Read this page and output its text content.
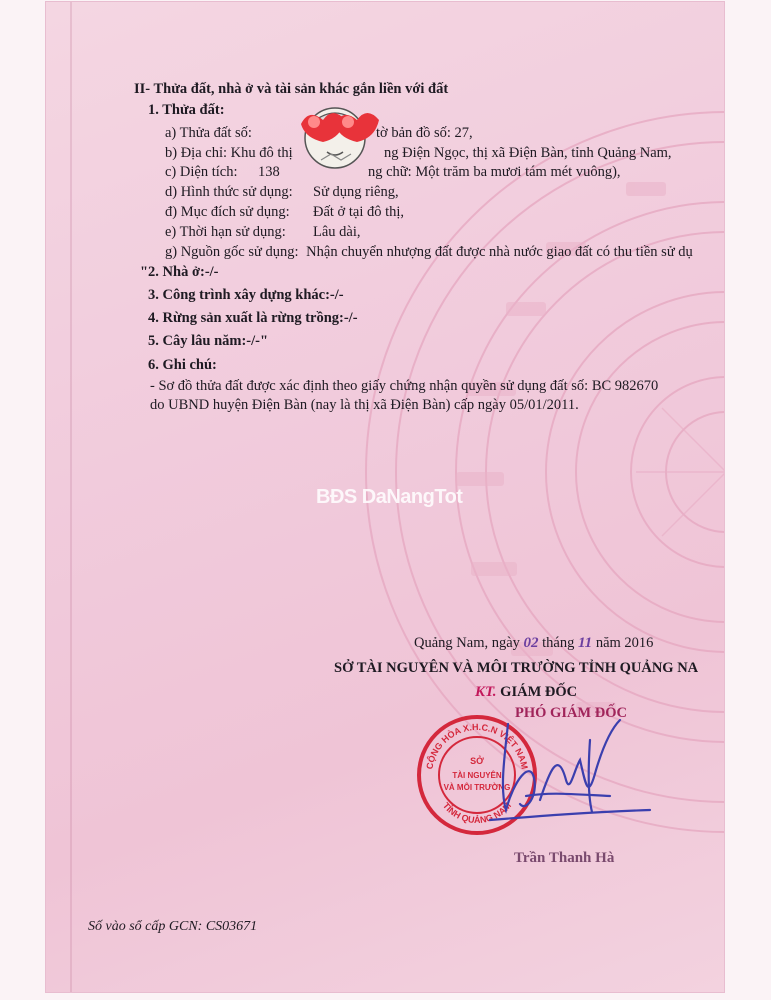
II- Thửa đất, nhà ở và tài sản khác gắn liền với đất
1. Thửa đất:
a) Thửa đất số:	tờ bản đồ số: 27,
b) Địa chỉ: Khu đô thị	ng Điện Ngọc, thị xã Điện Bàn, tỉnh Quảng Nam,
c) Diện tích: 138	ng chữ: Một trăm ba mươi tám mét vuông),
d) Hình thức sử dụng: Sử dụng riêng,
đ) Mục đích sử dụng: Đất ở tại đô thị,
e) Thời hạn sử dụng: Lâu dài,
g) Nguồn gốc sử dụng: Nhận chuyển nhượng đất được nhà nước giao đất có thu tiền sử dụ
"2. Nhà ở:-/-
3. Công trình xây dựng khác:-/-
4. Rừng sản xuất là rừng trồng:-/-
5. Cây lâu năm:-/-"
6. Ghi chú:
- Sơ đồ thửa đất được xác định theo giấy chứng nhận quyền sử dụng đất số: BC 982670
do UBND huyện Điện Bàn (nay là thị xã Điện Bàn) cấp ngày 05/01/2011.
BĐS DaNangTot
Quảng Nam, ngày 02 tháng 11 năm 2016
SỞ TÀI NGUYÊN VÀ MÔI TRƯỜNG TỈNH QUẢNG NA
KT. GIÁM ĐỐC
PHÓ GIÁM ĐỐC
CỘNG HÒA X.H.C.N VIỆT NAM
TỈNH QUẢNG NAM
SỞ
TÀI NGUYÊN
VÀ MÔI TRƯỜNG
Trần Thanh Hà
Số vào sổ cấp GCN: CS03671
